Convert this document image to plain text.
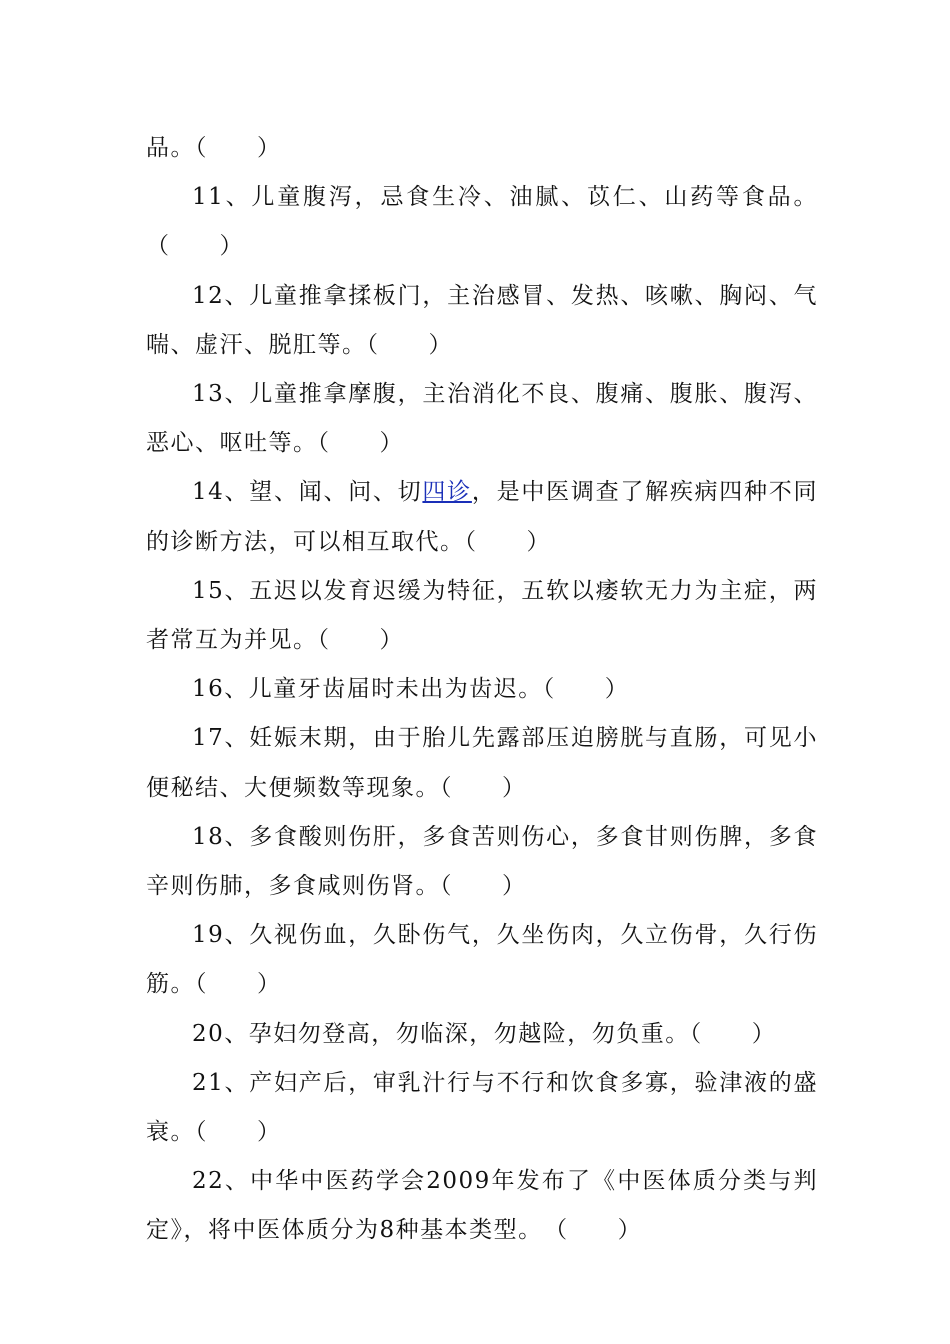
品。（　　）

11、儿童腹泻，忌食生冷、油腻、苡仁、山药等食品。（　　）

12、儿童推拿揉板门，主治感冒、发热、咳嗽、胸闷、气喘、虚汗、脱肛等。（　　）

13、儿童推拿摩腹，主治消化不良、腹痛、腹胀、腹泻、恶心、呕吐等。（　　）

14、望、闻、问、切四诊，是中医调查了解疾病四种不同的诊断方法，可以相互取代。（　　）

15、五迟以发育迟缓为特征，五软以痿软无力为主症，两者常互为并见。（　　）

16、儿童牙齿届时未出为齿迟。（　　）

17、妊娠末期，由于胎儿先露部压迫膀胱与直肠，可见小便秘结、大便频数等现象。（　　）

18、多食酸则伤肝，多食苦则伤心，多食甘则伤脾，多食辛则伤肺，多食咸则伤肾。（　　）

19、久视伤血，久卧伤气，久坐伤肉，久立伤骨，久行伤筋。（　　）

20、孕妇勿登高，勿临深，勿越险，勿负重。（　　）

21、产妇产后，审乳汁行与不行和饮食多寡，验津液的盛衰。（　　）

22、中华中医药学会2009年发布了《中医体质分类与判定》，将中医体质分为8种基本类型。　（　　）
